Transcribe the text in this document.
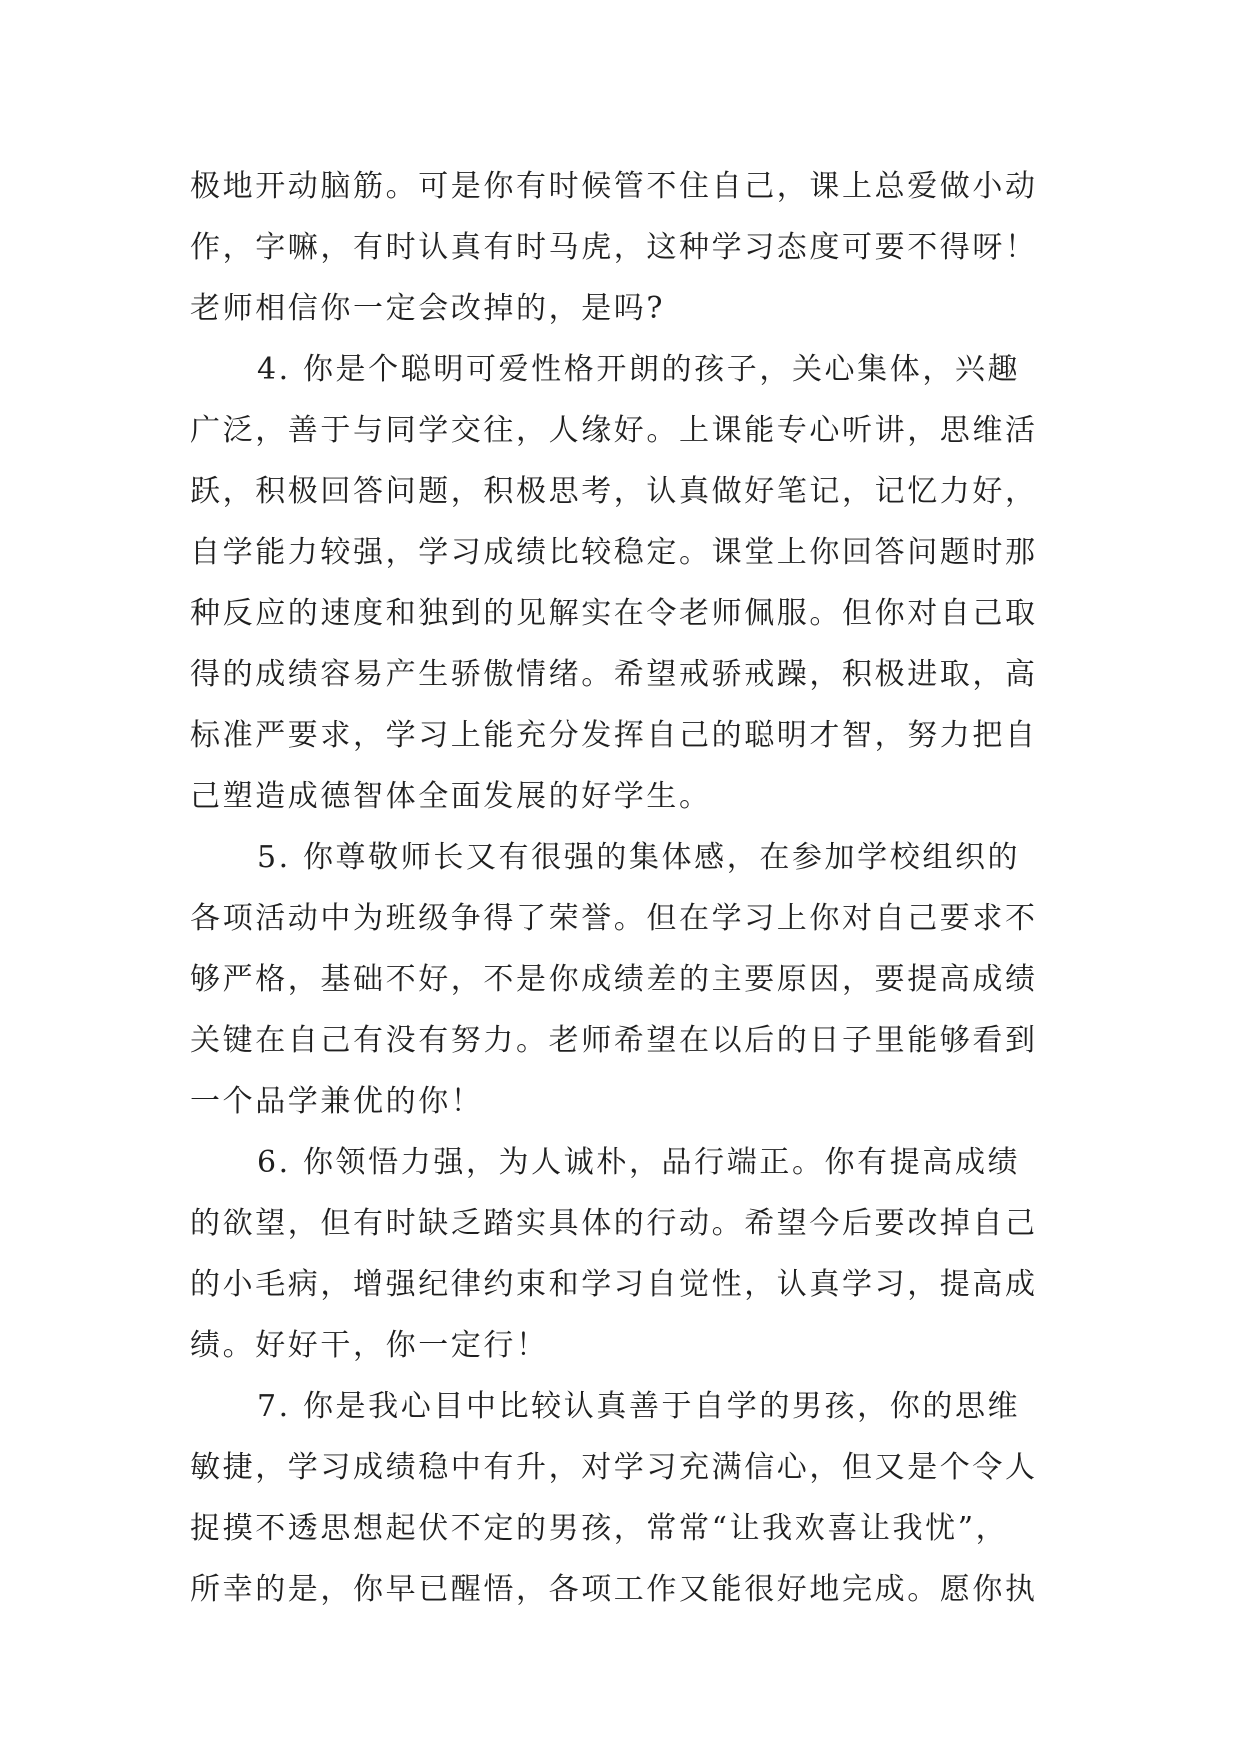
极地开动脑筋。可是你有时候管不住自己，课上总爱做小动
作，字嘛，有时认真有时马虎，这种学习态度可要不得呀！
老师相信你一定会改掉的，是吗?
4. 你是个聪明可爱性格开朗的孩子，关心集体，兴趣
广泛，善于与同学交往，人缘好。上课能专心听讲，思维活
跃，积极回答问题，积极思考，认真做好笔记，记忆力好，
自学能力较强，学习成绩比较稳定。课堂上你回答问题时那
种反应的速度和独到的见解实在令老师佩服。但你对自己取
得的成绩容易产生骄傲情绪。希望戒骄戒躁，积极进取，高
标准严要求，学习上能充分发挥自己的聪明才智，努力把自
己塑造成德智体全面发展的好学生。
5. 你尊敬师长又有很强的集体感，在参加学校组织的
各项活动中为班级争得了荣誉。但在学习上你对自己要求不
够严格，基础不好，不是你成绩差的主要原因，要提高成绩
关键在自己有没有努力。老师希望在以后的日子里能够看到
一个品学兼优的你！
6. 你领悟力强，为人诚朴，品行端正。你有提高成绩
的欲望，但有时缺乏踏实具体的行动。希望今后要改掉自己
的小毛病，增强纪律约束和学习自觉性，认真学习，提高成
绩。好好干，你一定行！
7. 你是我心目中比较认真善于自学的男孩，你的思维
敏捷，学习成绩稳中有升，对学习充满信心，但又是个令人
捉摸不透思想起伏不定的男孩，常常“让我欢喜让我忧”，
所幸的是，你早已醒悟，各项工作又能很好地完成。愿你执
